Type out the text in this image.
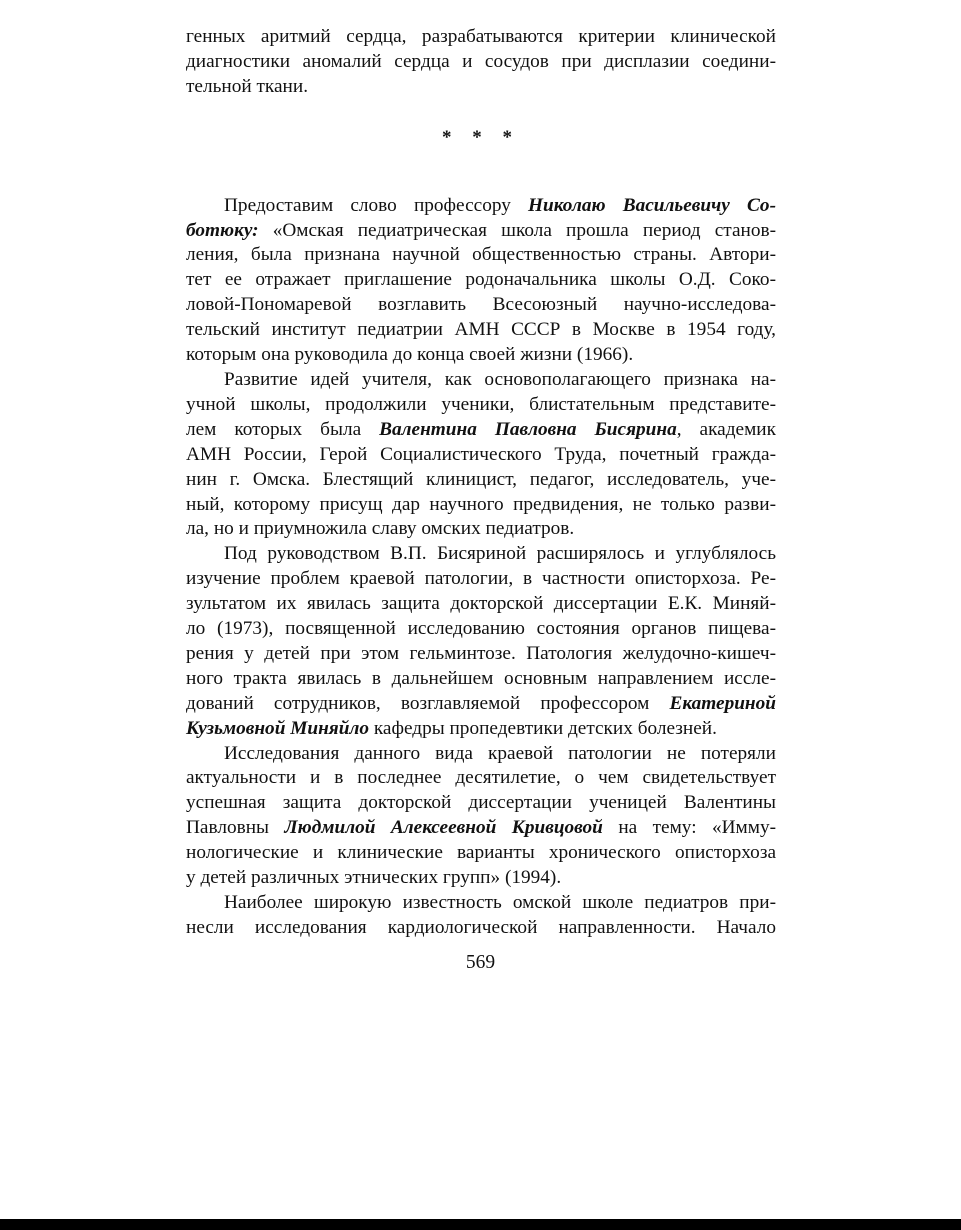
генных аритмий сердца, разрабатываются критерии клинической
диагностики аномалий сердца и сосудов при дисплазии соедини-
тельной ткани.

* * *

Предоставим слово профессору Николаю Васильевичу Со-
ботюку: «Омская педиатрическая школа прошла период станов-
ления, была признана научной общественностью страны. Автори-
тет ее отражает приглашение родоначальника школы О.Д. Соко-
ловой-Пономаревой возглавить Всесоюзный научно-исследова-
тельский институт педиатрии АМН СССР в Москве в 1954 году,
которым она руководила до конца своей жизни (1966).

Развитие идей учителя, как основополагающего признака на-
учной школы, продолжили ученики, блистательным представите-
лем которых была Валентина Павловна Бисярина, академик
АМН России, Герой Социалистического Труда, почетный гражда-
нин г. Омска. Блестящий клиницист, педагог, исследователь, уче-
ный, которому присущ дар научного предвидения, не только разви-
ла, но и приумножила славу омских педиатров.

Под руководством В.П. Бисяриной расширялось и углублялось
изучение проблем краевой патологии, в частности описторхоза. Ре-
зультатом их явилась защита докторской диссертации Е.К. Миняй-
ло (1973), посвященной исследованию состояния органов пищева-
рения у детей при этом гельминтозе. Патология желудочно-кишеч-
ного тракта явилась в дальнейшем основным направлением иссле-
дований сотрудников, возглавляемой профессором Екатериной
Кузьмовной Миняйло кафедры пропедевтики детских болезней.

Исследования данного вида краевой патологии не потеряли
актуальности и в последнее десятилетие, о чем свидетельствует
успешная защита докторской диссертации ученицей Валентины
Павловны Людмилой Алексеевной Кривцовой на тему: «Имму-
нологические и клинические варианты хронического описторхоза
у детей различных этнических групп» (1994).

Наиболее широкую известность омской школе педиатров при-
несли исследования кардиологической направленности. Начало

569
